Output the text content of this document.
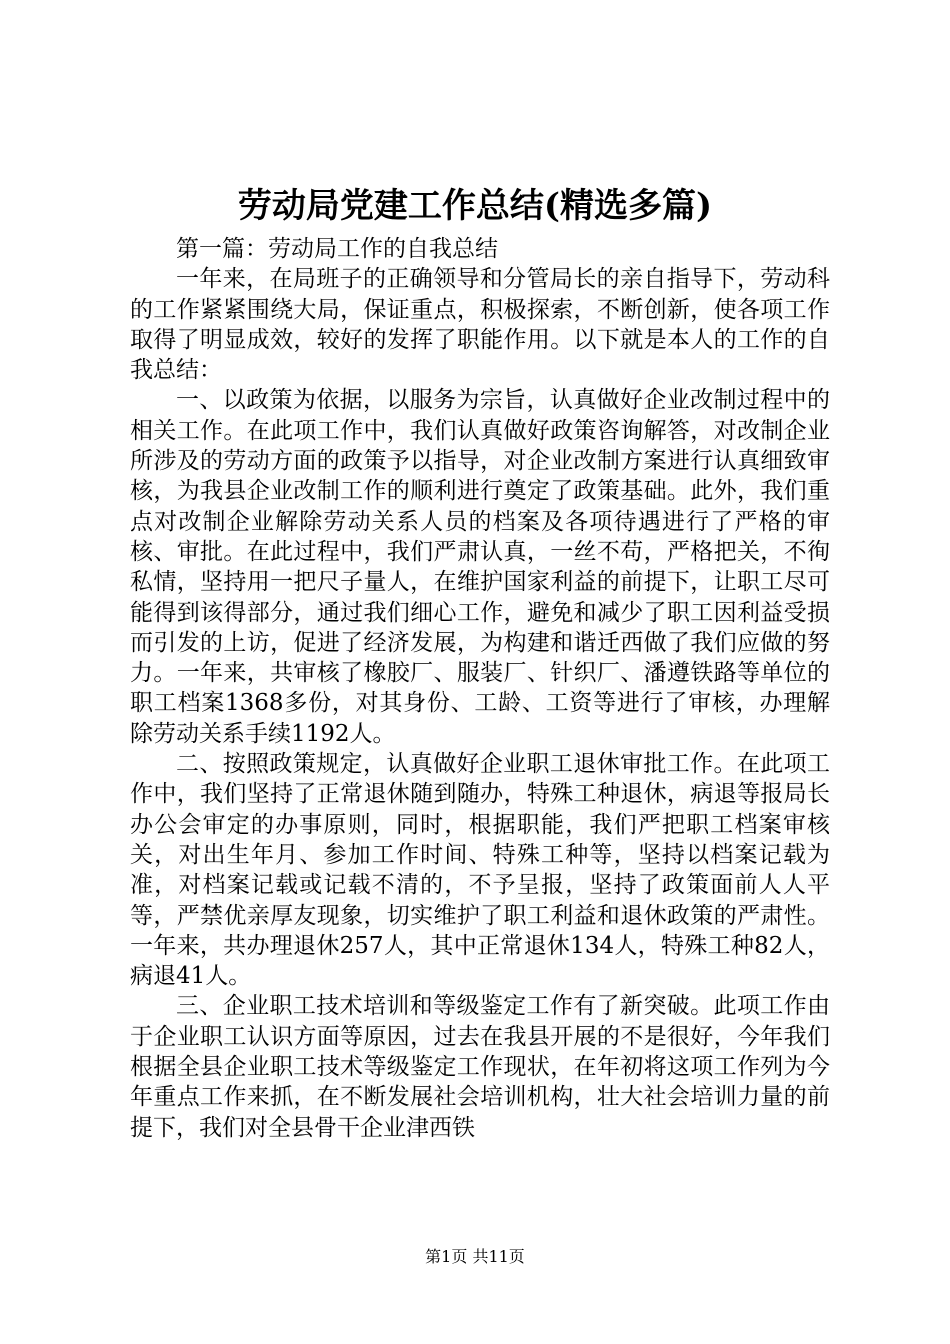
劳动局党建工作总结(精选多篇)

第一篇：劳动局工作的自我总结

一年来，在局班子的正确领导和分管局长的亲自指导下，劳动科的工作紧紧围绕大局，保证重点，积极探索，不断创新，使各项工作取得了明显成效，较好的发挥了职能作用。以下就是本人的工作的自我总结：

一、以政策为依据，以服务为宗旨，认真做好企业改制过程中的相关工作。在此项工作中，我们认真做好政策咨询解答，对改制企业所涉及的劳动方面的政策予以指导，对企业改制方案进行认真细致审核，为我县企业改制工作的顺利进行奠定了政策基础。此外，我们重点对改制企业解除劳动关系人员的档案及各项待遇进行了严格的审核、审批。在此过程中，我们严肃认真，一丝不苟，严格把关，不徇私情，坚持用一把尺子量人，在维护国家利益的前提下，让职工尽可能得到该得部分，通过我们细心工作，避免和减少了职工因利益受损而引发的上访，促进了经济发展，为构建和谐迁西做了我们应做的努力。一年来，共审核了橡胶厂、服装厂、针织厂、潘遵铁路等单位的职工档案1368多份，对其身份、工龄、工资等进行了审核，办理解除劳动关系手续1192人。

二、按照政策规定，认真做好企业职工退休审批工作。在此项工作中，我们坚持了正常退休随到随办，特殊工种退休，病退等报局长办公会审定的办事原则，同时，根据职能，我们严把职工档案审核关，对出生年月、参加工作时间、特殊工种等，坚持以档案记载为准，对档案记载或记载不清的，不予呈报，坚持了政策面前人人平等，严禁优亲厚友现象，切实维护了职工利益和退休政策的严肃性。一年来，共办理退休257人，其中正常退休134人，特殊工种82人，病退41人。

三、企业职工技术培训和等级鉴定工作有了新突破。此项工作由于企业职工认识方面等原因，过去在我县开展的不是很好，今年我们根据全县企业职工技术等级鉴定工作现状，在年初将这项工作列为今年重点工作来抓，在不断发展社会培训机构，壮大社会培训力量的前提下，我们对全县骨干企业津西铁

第1页 共11页
